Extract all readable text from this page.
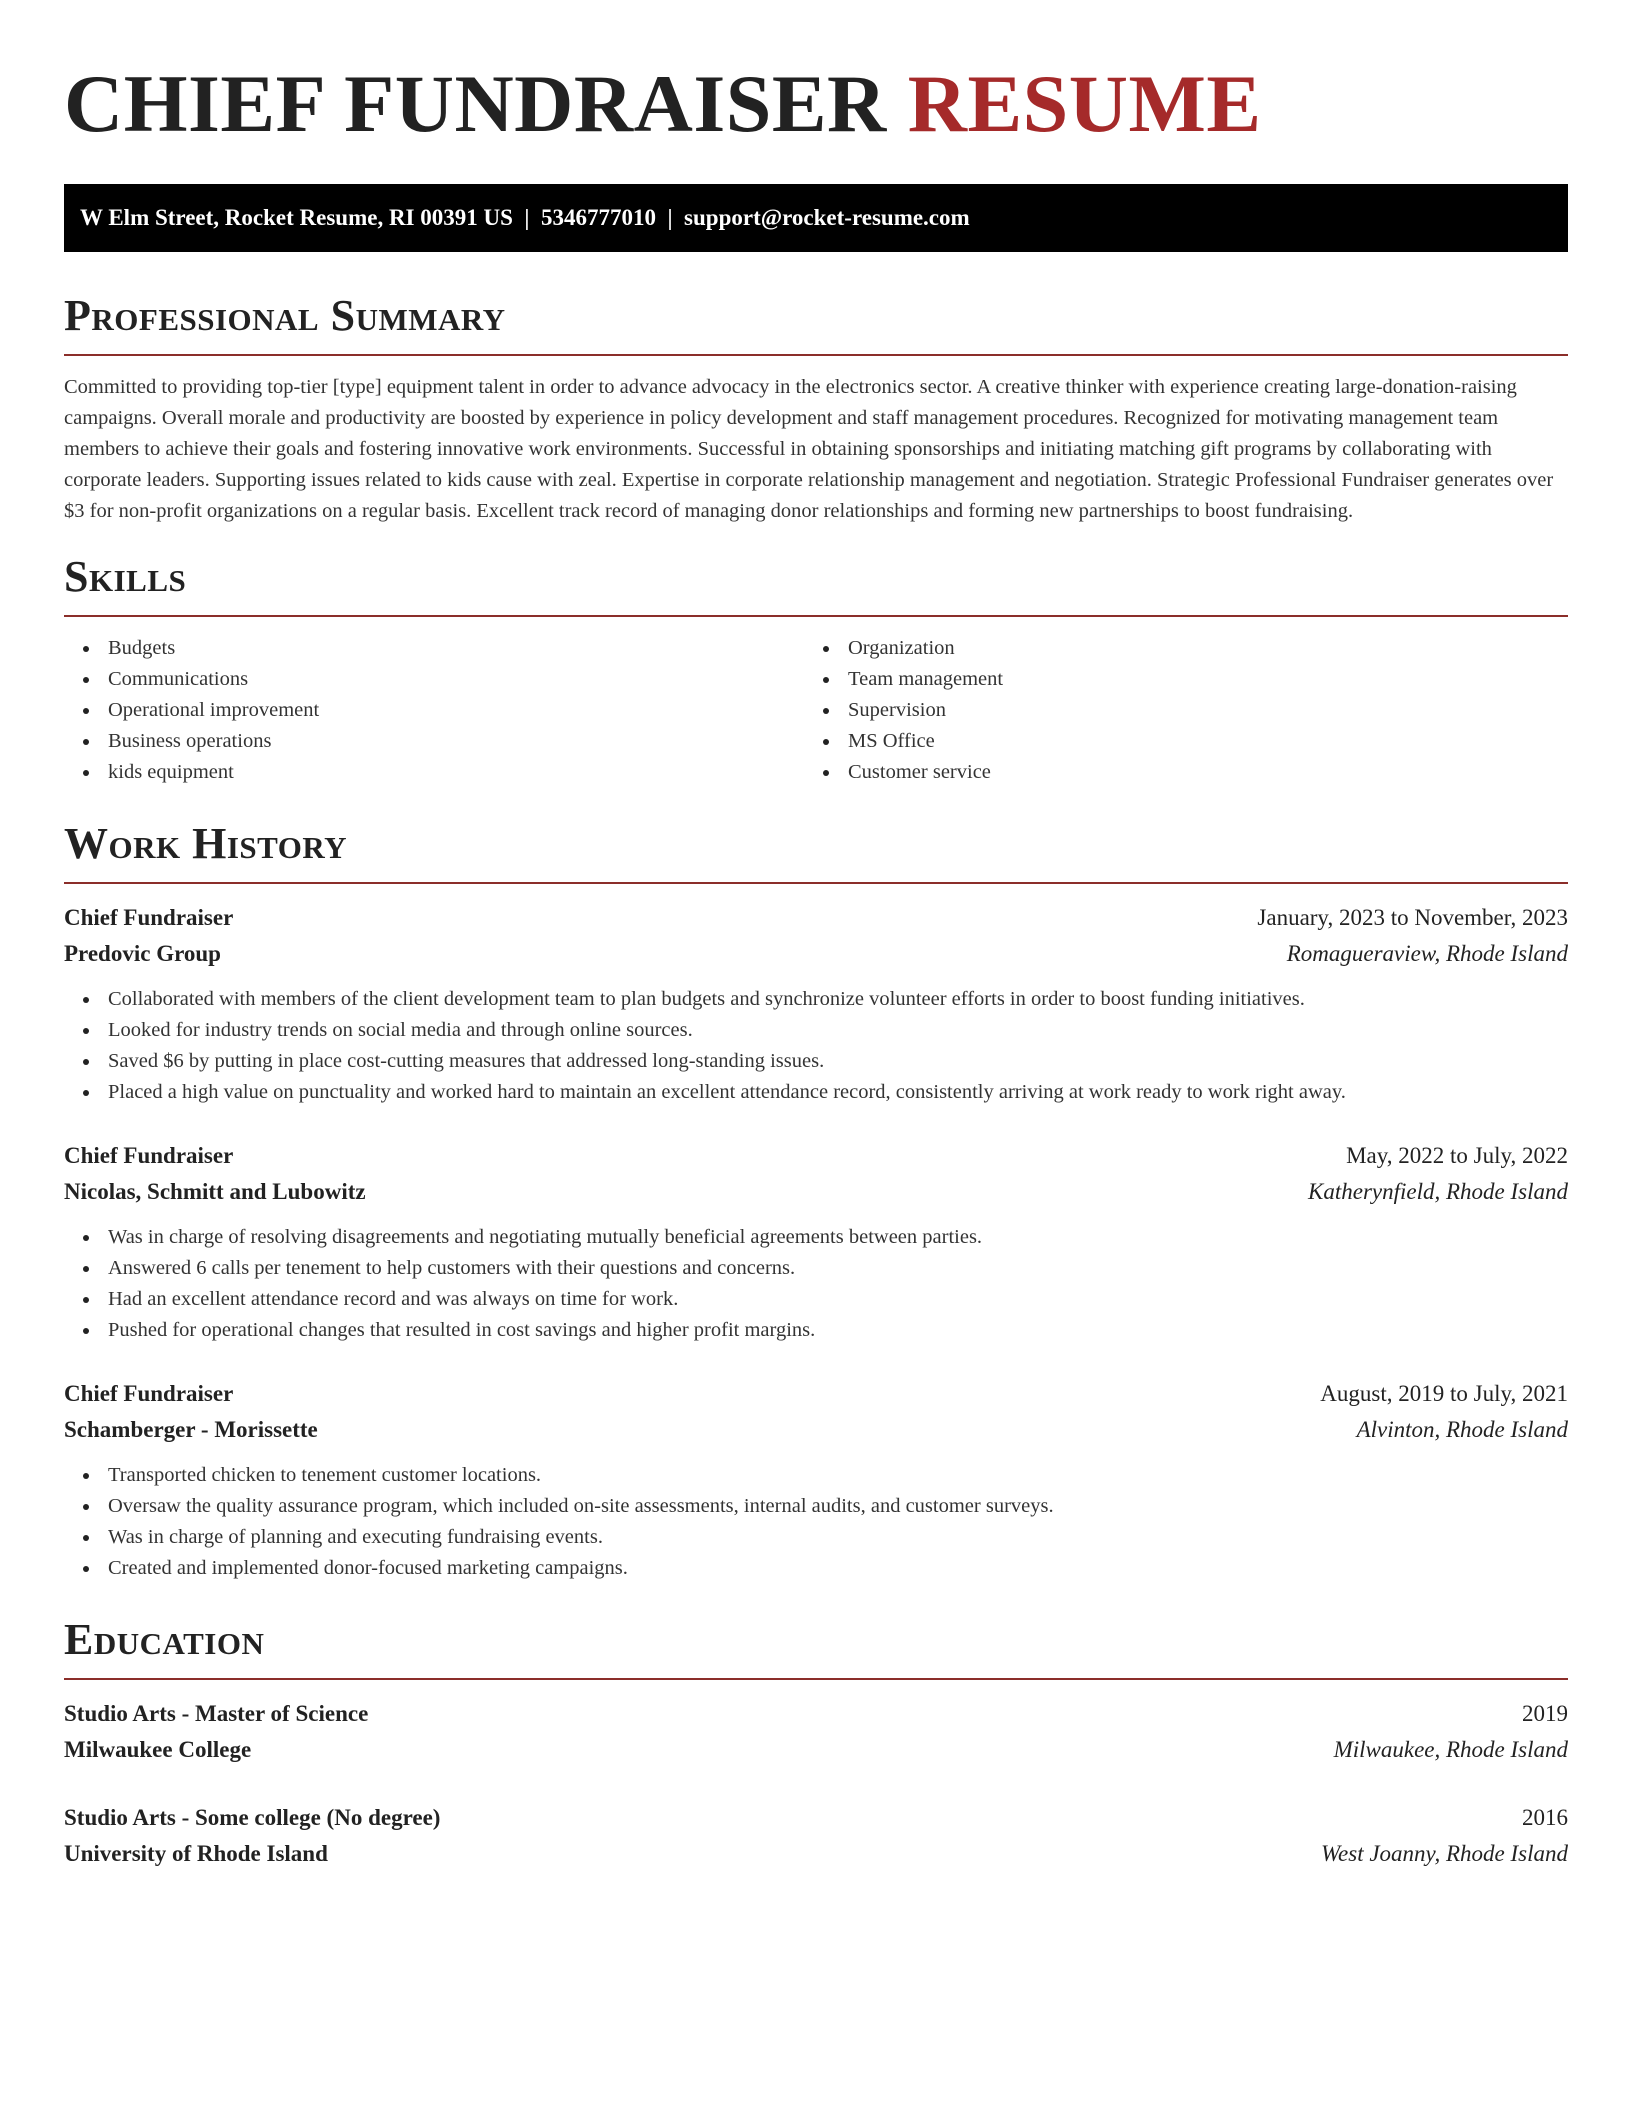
CHIEF FUNDRAISER RESUME
W Elm Street, Rocket Resume, RI 00391 US  |  5346777010  |  support@rocket-resume.com
Professional Summary

Committed to providing top-tier [type] equipment talent in order to advance advocacy in the electronics sector. A creative thinker with experience creating large-donation-raising campaigns. Overall morale and productivity are boosted by experience in policy development and staff management procedures. Recognized for motivating management team members to achieve their goals and fostering innovative work environments. Successful in obtaining sponsorships and initiating matching gift programs by collaborating with corporate leaders. Supporting issues related to kids cause with zeal. Expertise in corporate relationship management and negotiation. Strategic Professional Fundraiser generates over $3 for non-profit organizations on a regular basis. Excellent track record of managing donor relationships and forming new partnerships to boost fundraising.

Skills
Budgets
Communications
Operational improvement
Business operations
kids equipment
Organization
Team management
Supervision
MS Office
Customer service
Work History
Chief Fundraiser	January, 2023 to November, 2023
Predovic Group	Romagueraview, Rhode Island
Collaborated with members of the client development team to plan budgets and synchronize volunteer efforts in order to boost funding initiatives.
Looked for industry trends on social media and through online sources.
Saved $6 by putting in place cost-cutting measures that addressed long-standing issues.
Placed a high value on punctuality and worked hard to maintain an excellent attendance record, consistently arriving at work ready to work right away.
Chief Fundraiser	May, 2022 to July, 2022
Nicolas, Schmitt and Lubowitz	Katherynfield, Rhode Island
Was in charge of resolving disagreements and negotiating mutually beneficial agreements between parties.
Answered 6 calls per tenement to help customers with their questions and concerns.
Had an excellent attendance record and was always on time for work.
Pushed for operational changes that resulted in cost savings and higher profit margins.
Chief Fundraiser	August, 2019 to July, 2021
Schamberger - Morissette	Alvinton, Rhode Island
Transported chicken to tenement customer locations.
Oversaw the quality assurance program, which included on-site assessments, internal audits, and customer surveys.
Was in charge of planning and executing fundraising events.
Created and implemented donor-focused marketing campaigns.
Education
Studio Arts - Master of Science	2019
Milwaukee College	Milwaukee, Rhode Island
Studio Arts - Some college (No degree)	2016
University of Rhode Island	West Joanny, Rhode Island
